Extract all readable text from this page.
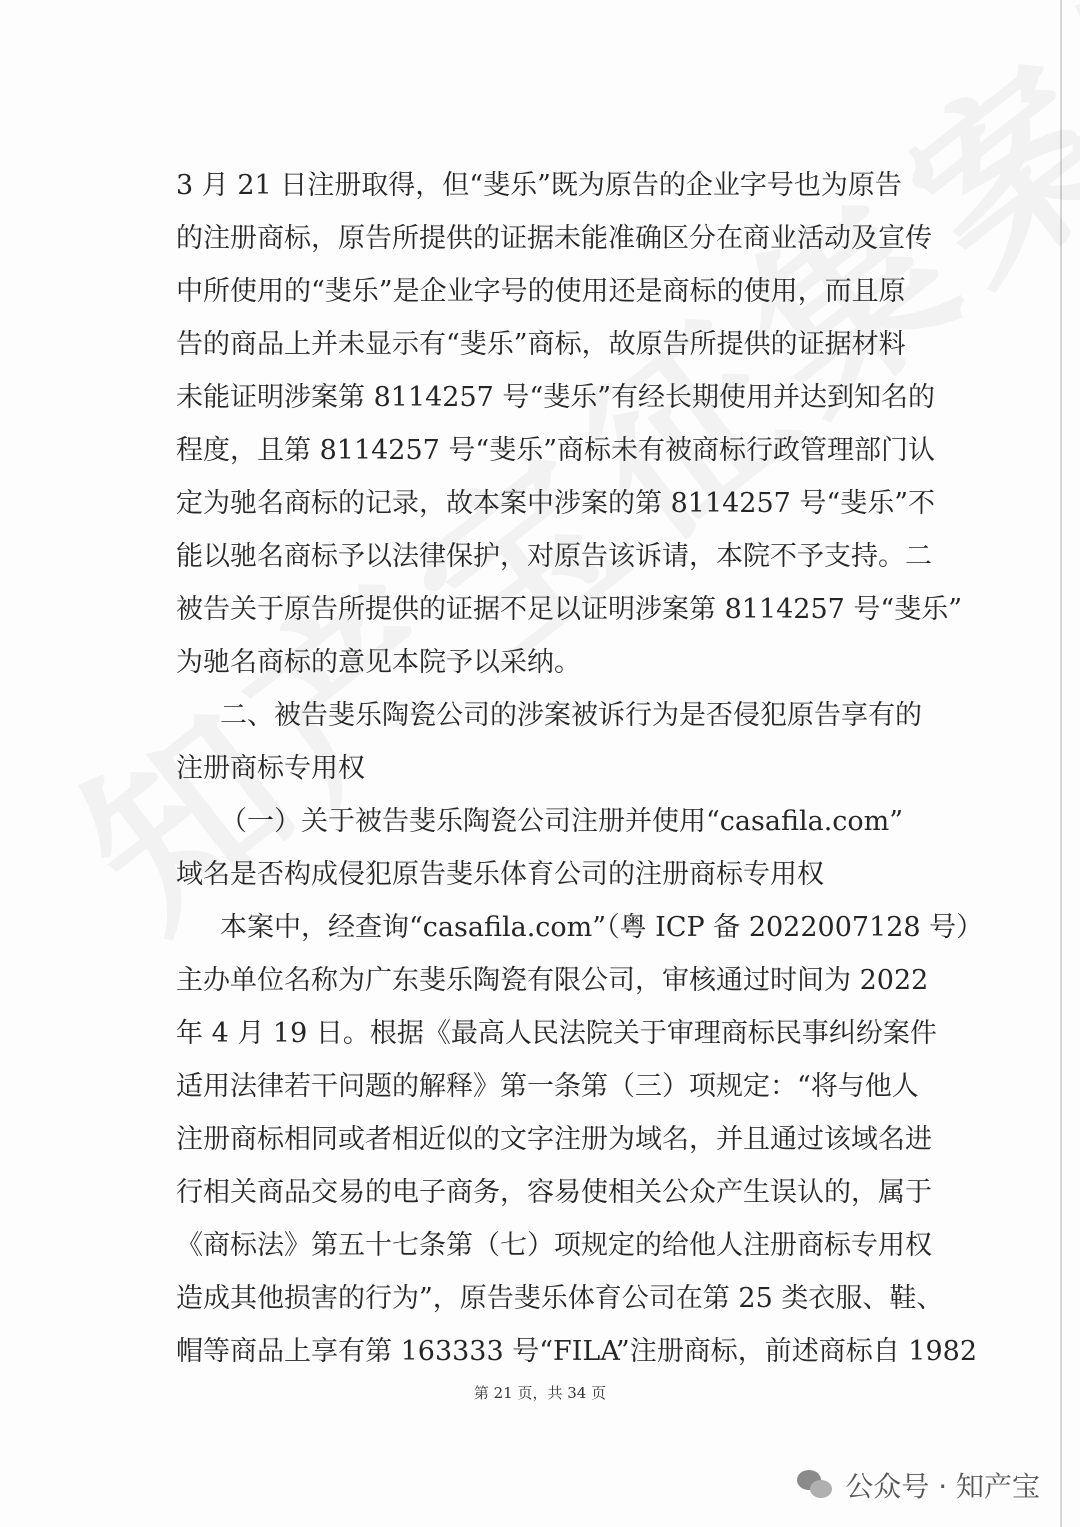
3 月 21 日注册取得，但“斐乐”既为原告的企业字号也为原告
的注册商标，原告所提供的证据未能准确区分在商业活动及宣传
中所使用的“斐乐”是企业字号的使用还是商标的使用，而且原
告的商品上并未显示有“斐乐”商标，故原告所提供的证据材料
未能证明涉案第 8114257 号“斐乐”有经长期使用并达到知名的
程度，且第 8114257 号“斐乐”商标未有被商标行政管理部门认
定为驰名商标的记录，故本案中涉案的第 8114257 号“斐乐”不
能以驰名商标予以法律保护，对原告该诉请，本院不予支持。二
被告关于原告所提供的证据不足以证明涉案第 8114257 号“斐乐”
为驰名商标的意见本院予以采纳。
二、被告斐乐陶瓷公司的涉案被诉行为是否侵犯原告享有的
注册商标专用权
（一）关于被告斐乐陶瓷公司注册并使用“casafila.com”
域名是否构成侵犯原告斐乐体育公司的注册商标专用权
本案中，经查询“casafila.com”（粤 ICP 备 2022007128 号）
主办单位名称为广东斐乐陶瓷有限公司，审核通过时间为 2022
年 4 月 19 日。根据《最高人民法院关于审理商标民事纠纷案件
适用法律若干问题的解释》第一条第（三）项规定：“将与他人
注册商标相同或者相近似的文字注册为域名，并且通过该域名进
行相关商品交易的电子商务，容易使相关公众产生误认的，属于
《商标法》第五十七条第（七）项规定的给他人注册商标专用权
造成其他损害的行为”，原告斐乐体育公司在第 25 类衣服、鞋、
帽等商品上享有第 163333 号“FILA”注册商标，前述商标自 1982
第 21 页，共 34 页
公众号 · 知产宝
